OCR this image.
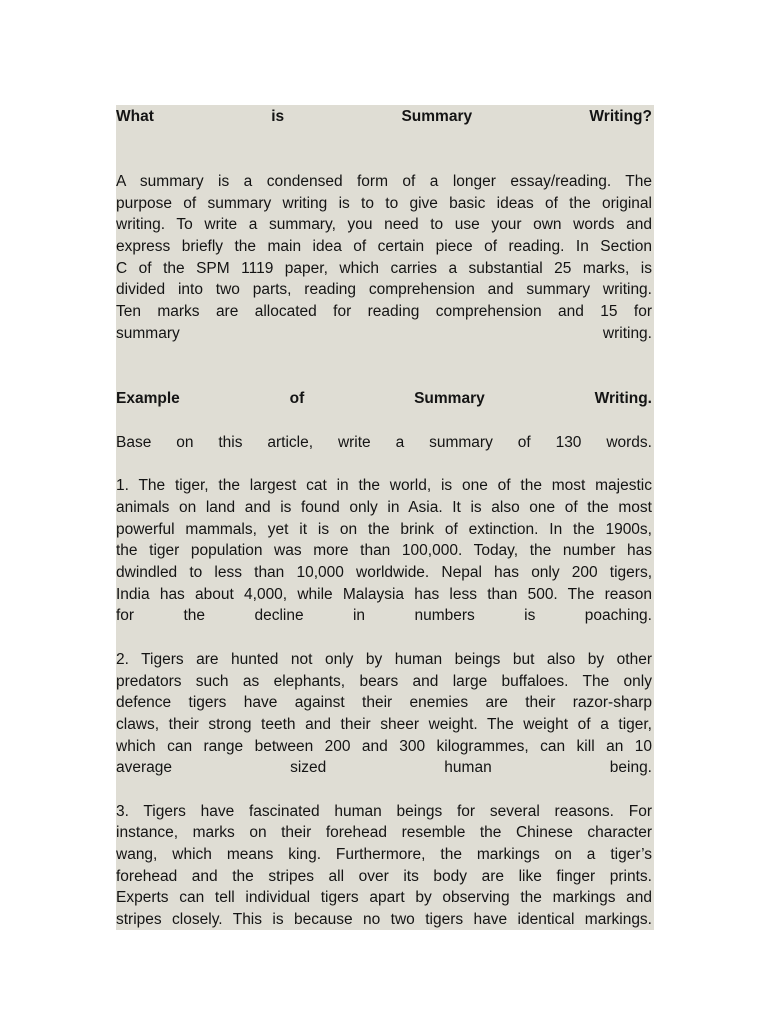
What is Summary Writing?
A summary is a condensed form of a longer essay/reading. The
purpose of summary writing is to to give basic ideas of the original
writing. To write a summary, you need to use your own words and
express briefly the main idea of certain piece of reading. In Section
C of the SPM 1119 paper, which carries a substantial 25 marks, is
divided into two parts, reading comprehension and summary writing.
Ten marks are allocated for reading comprehension and 15 for
summary writing.
Example of Summary Writing.
Base on this article, write a summary of 130 words.
1. The tiger, the largest cat in the world, is one of the most majestic
animals on land and is found only in Asia. It is also one of the most
powerful mammals, yet it is on the brink of extinction. In the 1900s,
the tiger population was more than 100,000. Today, the number has
dwindled to less than 10,000 worldwide. Nepal has only 200 tigers,
India has about 4,000, while Malaysia has less than 500. The reason
for the decline in numbers is poaching.
2. Tigers are hunted not only by human beings but also by other
predators such as elephants, bears and large buffaloes. The only
defence tigers have against their enemies are their razor-sharp
claws, their strong teeth and their sheer weight. The weight of a tiger,
which can range between 200 and 300 kilogrammes, can kill an 10
average sized human being.
3. Tigers have fascinated human beings for several reasons. For
instance, marks on their forehead resemble the Chinese character
wang, which means king. Furthermore, the markings on a tiger’s
forehead and the stripes all over its body are like finger prints.
Experts can tell individual tigers apart by observing the markings and
stripes closely. This is because no two tigers have identical markings.
